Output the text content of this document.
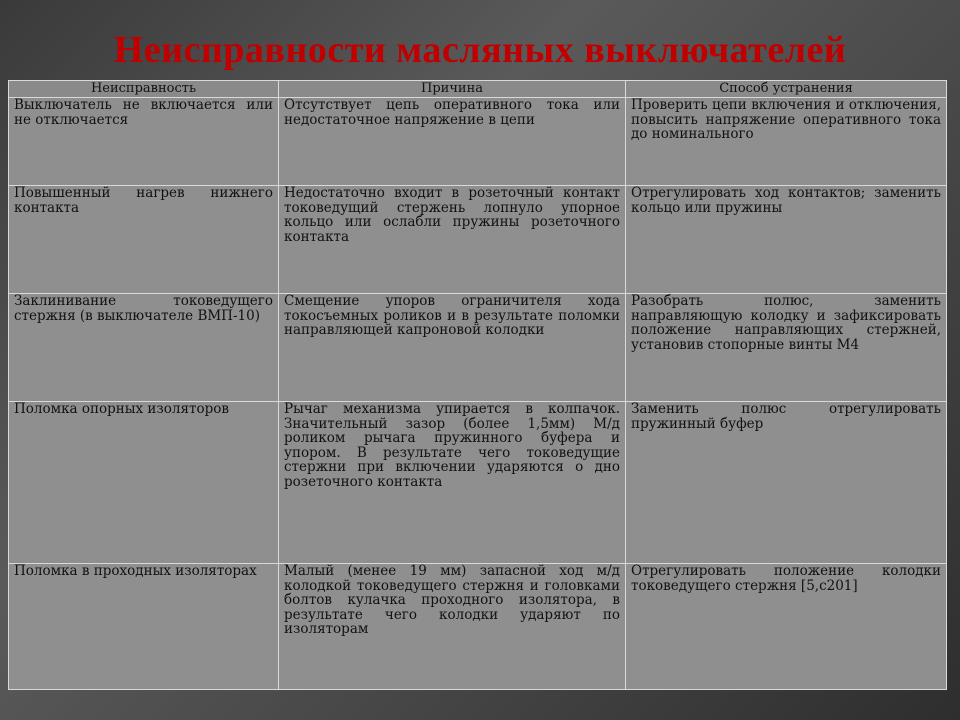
Неисправности масляных выключателей
Неисправность	Причина	Способ устранения
Выключатель не включается или не отключается	Отсутствует цепь оперативного тока или недостаточное напряжение в цепи	Проверить цепи включения и отключения, повысить напряжение оперативного тока до номинального
Повышенный нагрев нижнего контакта	Недостаточно входит в розеточный контакт токоведущий стержень лопнуло упорное кольцо или ослабли пружины розеточного контакта	Отрегулировать ход контактов; заменить кольцо или пружины
Заклинивание токоведущего стержня (в выключателе ВМП-10)	Смещение упоров ограничителя хода токосъемных роликов и в результате поломки направляющей капроновой колодки	Разобрать полюс, заменить направляющую колодку и зафиксировать положение направляющих стержней, установив стопорные винты М4
Поломка опорных изоляторов	Рычаг механизма упирается в колпачок. Значительный зазор (более 1,5мм) М/д роликом рычага пружинного буфера и упором. В результате чего токоведущие стержни при включении ударяются о дно розеточного контакта	Заменить полюс отрегулировать пружинный буфер
Поломка в проходных изоляторах	Малый (менее 19 мм) запасной ход м/д колодкой токоведущего стержня и головками болтов кулачка проходного изолятора, в результате чего колодки ударяют по изоляторам	Отрегулировать положение колодки токоведущего стержня [5,с201]
